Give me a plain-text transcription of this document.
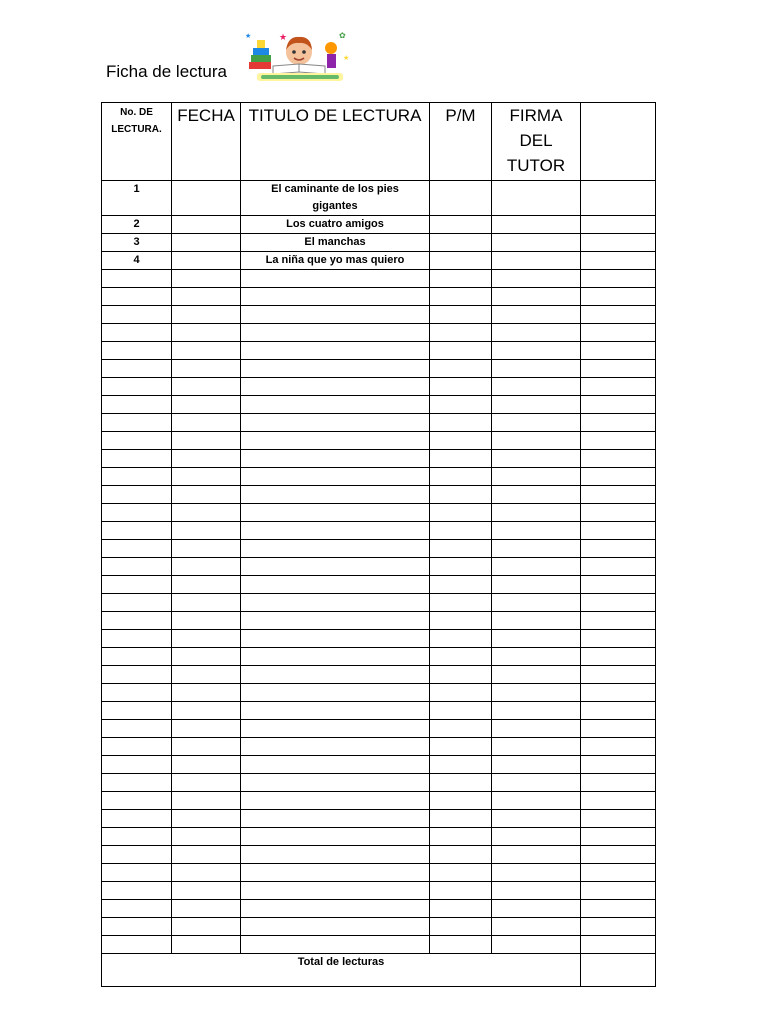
Ficha de lectura
★	✿
★
★
No. DE LECTURA.	FECHA	TITULO DE LECTURA	P/M	FIRMA DEL TUTOR	
1		El caminante de los pies gigantes			
2		Los cuatro amigos			
3		El manchas			
4		La niña que yo mas quiero			

Total de lecturas					
